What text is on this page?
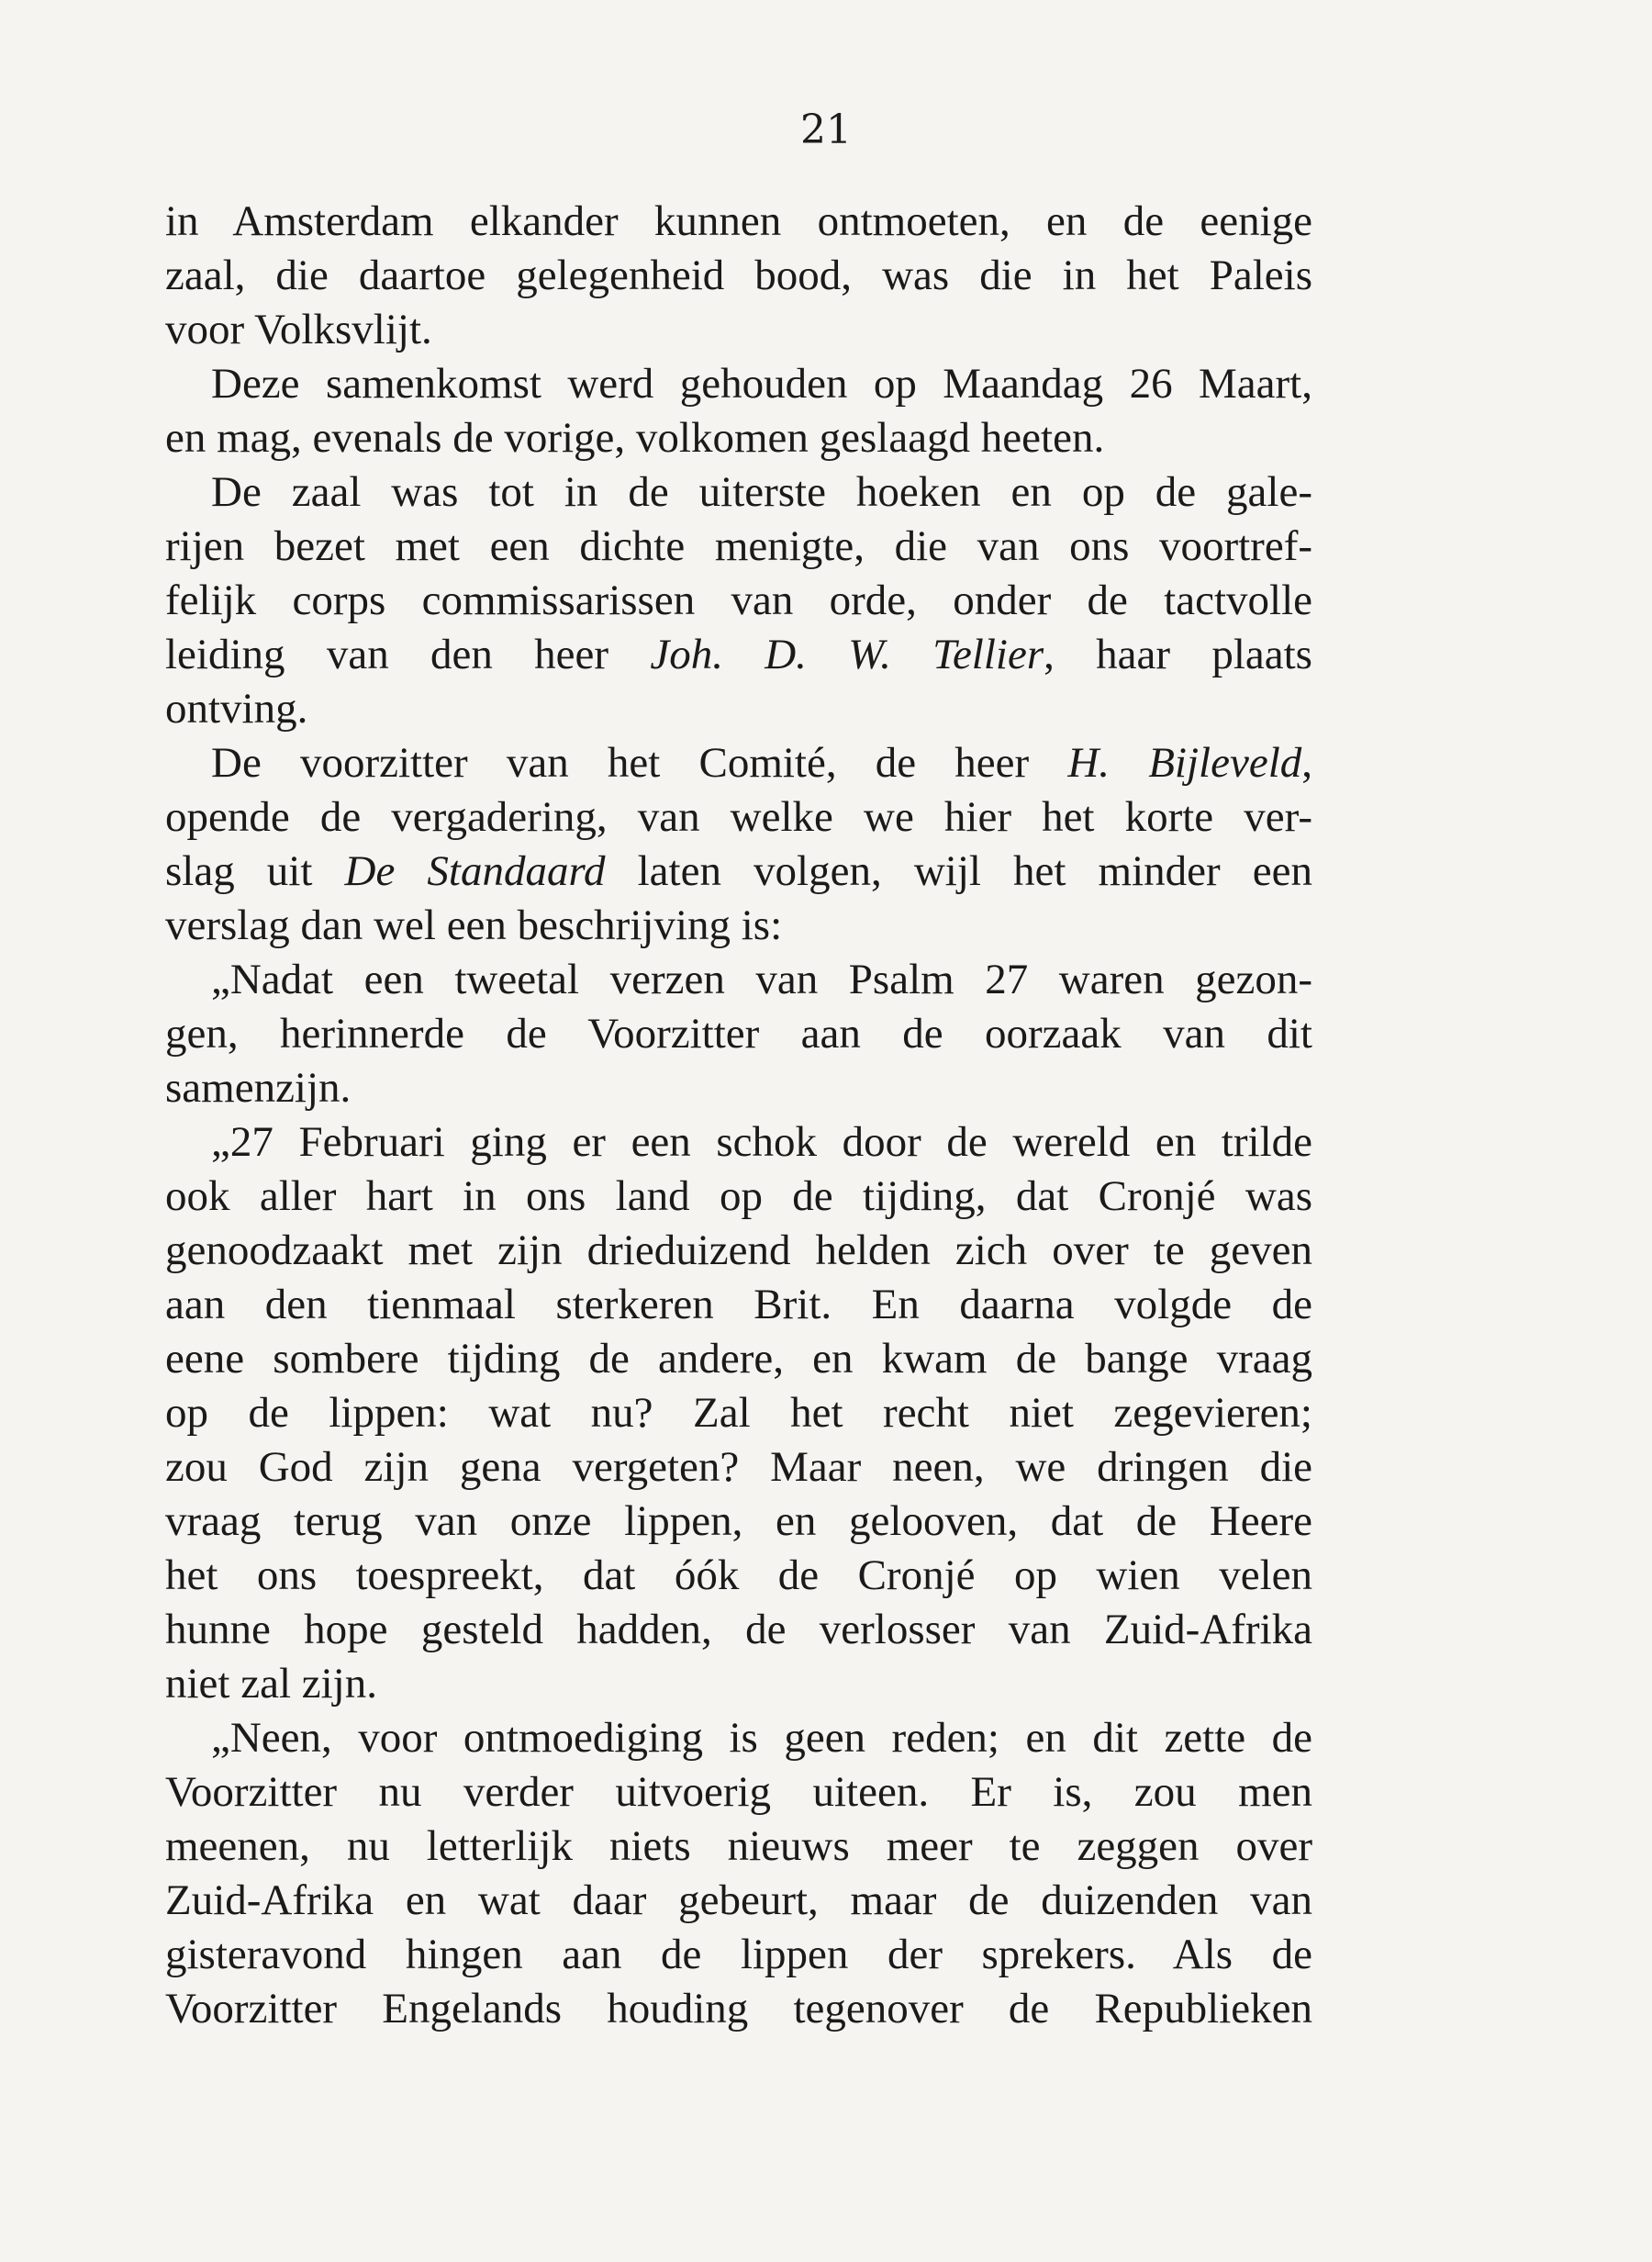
21
in Amsterdam elkander kunnen ontmoeten, en de eenige
zaal, die daartoe gelegenheid bood, was die in het Paleis
voor Volksvlijt.
Deze samenkomst werd gehouden op Maandag 26 Maart,
en mag, evenals de vorige, volkomen geslaagd heeten.
De zaal was tot in de uiterste hoeken en op de gale-
rijen bezet met een dichte menigte, die van ons voortref-
felijk corps commissarissen van orde, onder de tactvolle
leiding van den heer Joh. D. W. Tellier, haar plaats
ontving.
De voorzitter van het Comité, de heer H. Bijleveld,
opende de vergadering, van welke we hier het korte ver-
slag uit De Standaard laten volgen, wijl het minder een
verslag dan wel een beschrijving is:
„Nadat een tweetal verzen van Psalm 27 waren gezon-
gen, herinnerde de Voorzitter aan de oorzaak van dit
samenzijn.
„27 Februari ging er een schok door de wereld en trilde
ook aller hart in ons land op de tijding, dat Cronjé was
genoodzaakt met zijn drieduizend helden zich over te geven
aan den tienmaal sterkeren Brit. En daarna volgde de
eene sombere tijding de andere, en kwam de bange vraag
op de lippen: wat nu? Zal het recht niet zegevieren;
zou God zijn gena vergeten? Maar neen, we dringen die
vraag terug van onze lippen, en gelooven, dat de Heere
het ons toespreekt, dat óók de Cronjé op wien velen
hunne hope gesteld hadden, de verlosser van Zuid-Afrika
niet zal zijn.
„Neen, voor ontmoediging is geen reden; en dit zette de
Voorzitter nu verder uitvoerig uiteen. Er is, zou men
meenen, nu letterlijk niets nieuws meer te zeggen over
Zuid-Afrika en wat daar gebeurt, maar de duizenden van
gisteravond hingen aan de lippen der sprekers. Als de
Voorzitter Engelands houding tegenover de Republieken
